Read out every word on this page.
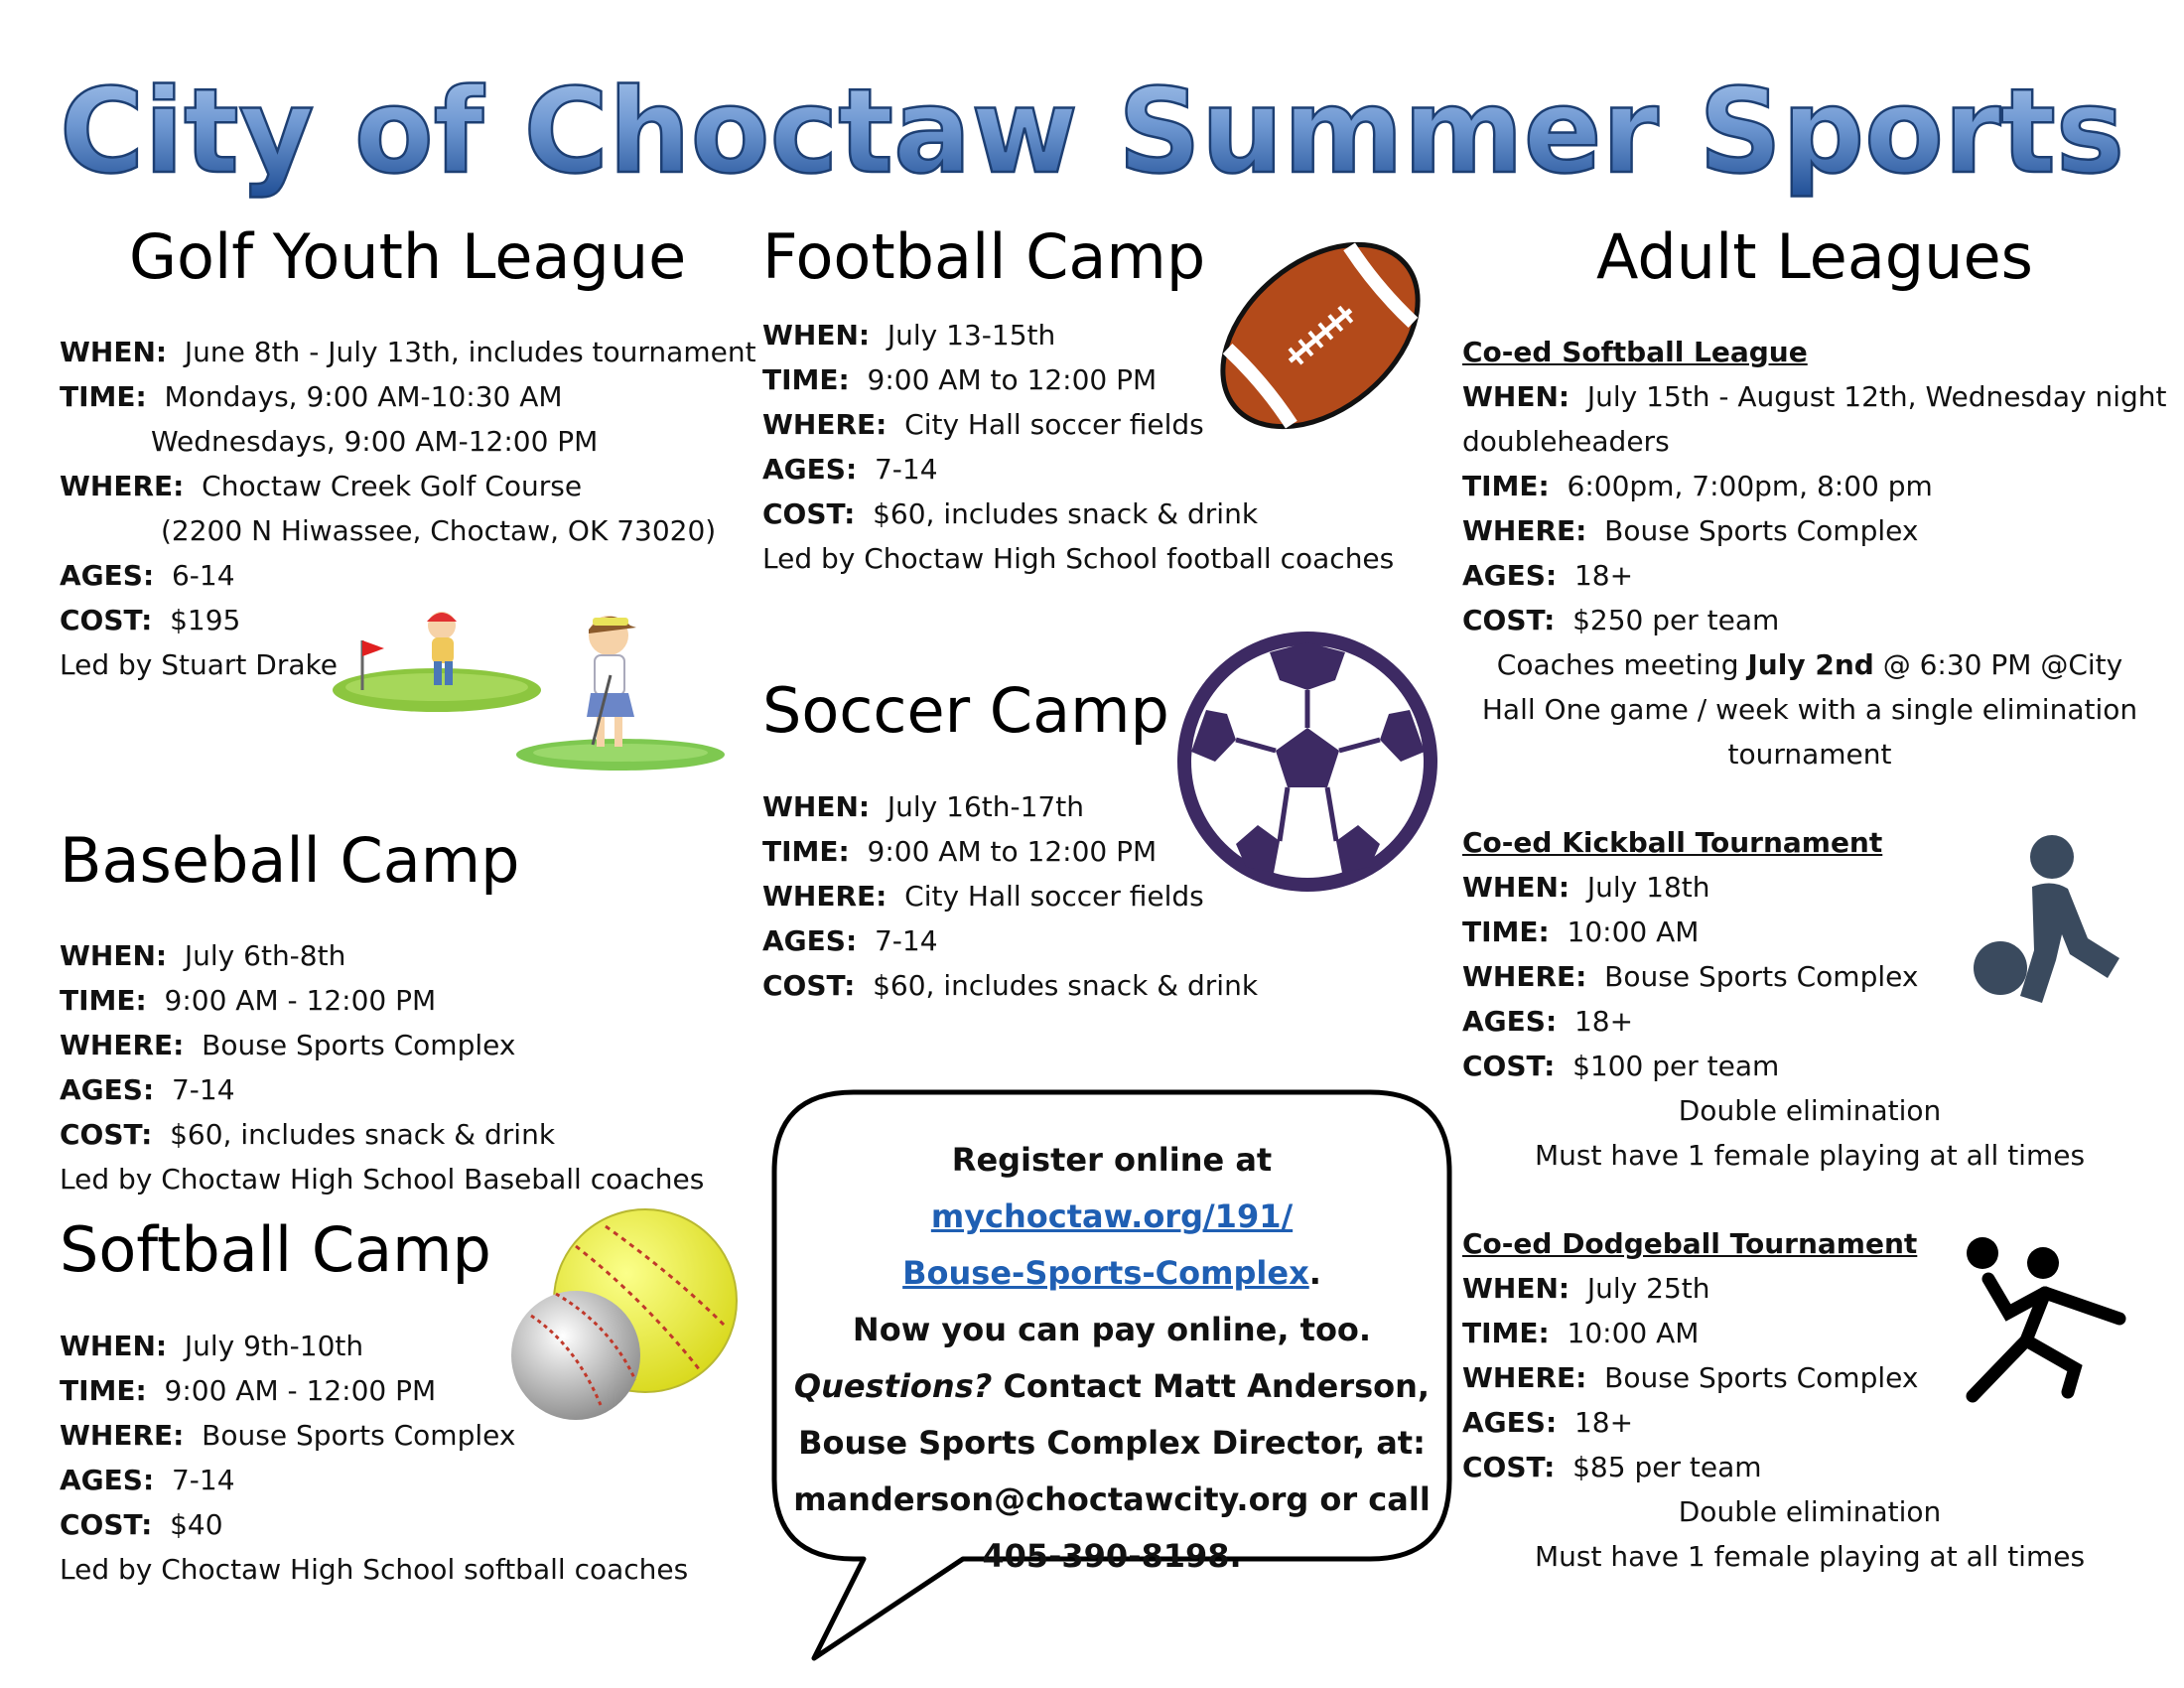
City of Choctaw Summer Sports
Golf Youth League
WHEN: June 8th - July 13th, includes tournament
TIME: Mondays, 9:00 AM-10:30 AM
Wednesdays, 9:00 AM-12:00 PM
WHERE: Choctaw Creek Golf Course
(2200 N Hiwassee, Choctaw, OK 73020)
AGES: 6-14
COST: $195
Led by Stuart Drake
Baseball Camp
WHEN: July 6th-8th
TIME: 9:00 AM - 12:00 PM
WHERE: Bouse Sports Complex
AGES: 7-14
COST: $60, includes snack & drink
Led by Choctaw High School Baseball coaches
Softball Camp
WHEN: July 9th-10th
TIME: 9:00 AM - 12:00 PM
WHERE: Bouse Sports Complex
AGES: 7-14
COST: $40
Led by Choctaw High School softball coaches
Football Camp
WHEN: July 13-15th
TIME: 9:00 AM to 12:00 PM
WHERE: City Hall soccer fields
AGES: 7-14
COST: $60, includes snack & drink
Led by Choctaw High School football coaches
Soccer Camp
WHEN: July 16th-17th
TIME: 9:00 AM to 12:00 PM
WHERE: City Hall soccer fields
AGES: 7-14
COST: $60, includes snack & drink
Register online at mychoctaw.org/191/
Bouse-Sports-Complex.
Now you can pay online, too.
Questions? Contact Matt Anderson,
Bouse Sports Complex Director, at:
manderson@choctawcity.org or call
405-390-8198.
Adult Leagues
Co-ed Softball League
WHEN: July 15th - August 12th, Wednesday night
doubleheaders
TIME: 6:00pm, 7:00pm, 8:00 pm
WHERE: Bouse Sports Complex
AGES: 18+
COST: $250 per team
Coaches meeting July 2nd @ 6:30 PM @City
Hall One game / week with a single elimination
tournament
Co-ed Kickball Tournament
WHEN: July 18th
TIME: 10:00 AM
WHERE: Bouse Sports Complex
AGES: 18+
COST: $100 per team
Double elimination
Must have 1 female playing at all times
Co-ed Dodgeball Tournament
WHEN: July 25th
TIME: 10:00 AM
WHERE: Bouse Sports Complex
AGES: 18+
COST: $85 per team
Double elimination
Must have 1 female playing at all times
